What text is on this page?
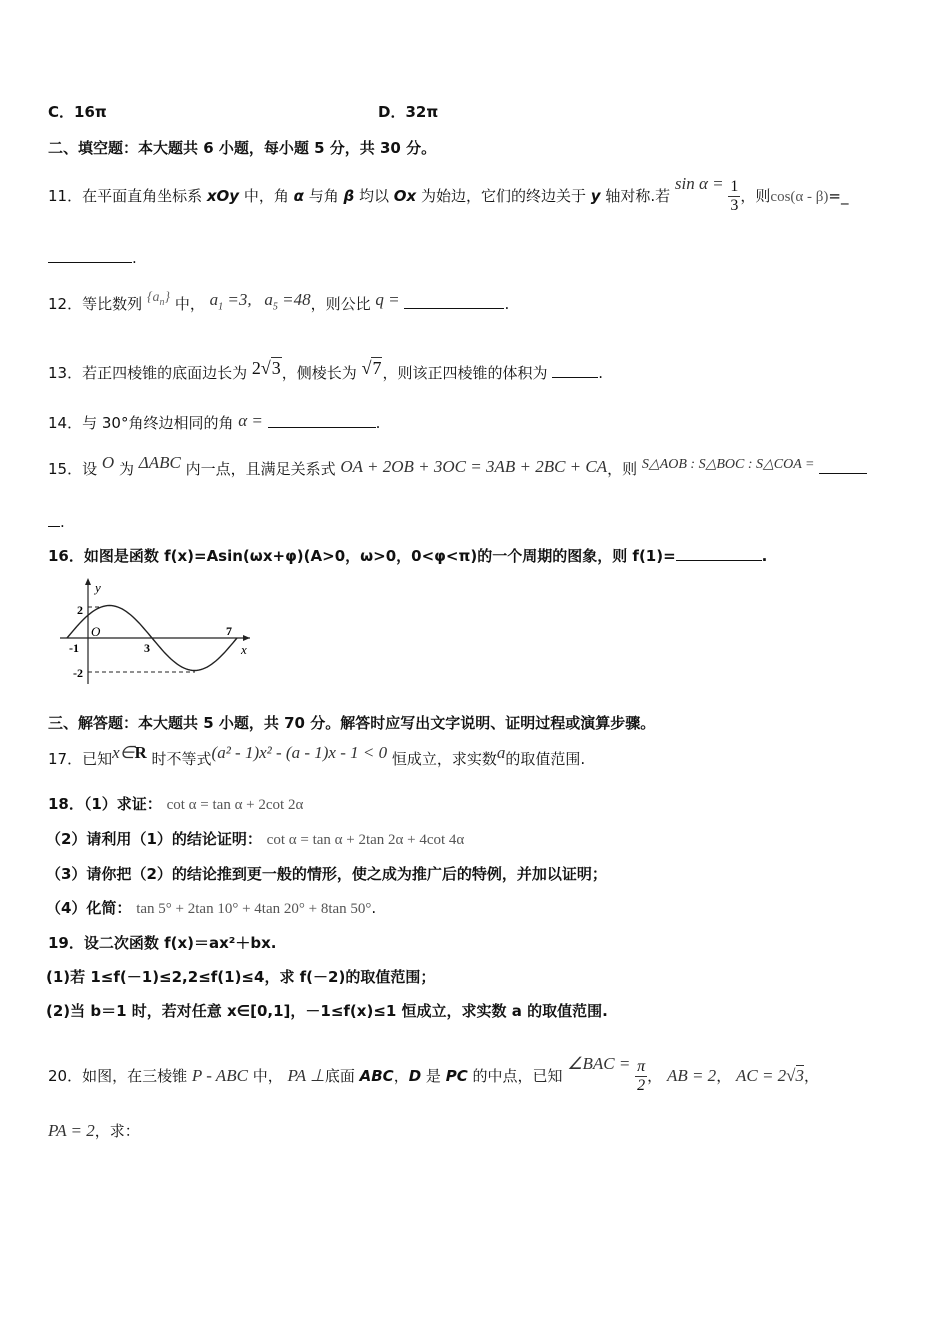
C．16π	D．32π
二、填空题：本大题共 6 小题，每小题 5 分，共 30 分。
11．在平面直角坐标系 xOy 中，角 α 与角 β 均以 Ox 为始边，它们的终边关于 y 轴对称.若 $\sin \alpha = \frac{1}{3}$ ，则cos(α - β)=_
.
12．等比数列 $\{a_n\}$ 中， $a_1 =3$, $a_5 =48$，则公比 q =	.
13．若正四棱锥的底面边长为 2√3，侧棱长为 √7，则该正四棱锥的体积为	.
14．与 30°角终边相同的角 α =	.
15．设 O 为 ΔABC 内一点，且满足关系式 OA + 2OB + 3OC = 3AB + 2BC + CA，则 S△AOB : S△BOC : S△COA =
.
16．如图是函数 f(x)=Asin(ωx+φ)(A>0，ω>0，0<φ<π)的一个周期的图象，则 f(1)=	.
y
x
O
2
-2
-1	3
7
三、解答题：本大题共 5 小题，共 70 分。解答时应写出文字说明、证明过程或演算步骤。
17．已知x∈R 时不等式(a² - 1)x² - (a - 1)x - 1 < 0 恒成立，求实数a的取值范围.
18．（1）求证： cot α = tan α + 2cot 2α
（2）请利用（1）的结论证明： cot α = tan α + 2tan 2α + 4cot 4α
（3）请你把（2）的结论推到更一般的情形，使之成为推广后的特例，并加以证明；
（4）化简： tan 5° + 2tan 10° + 4tan 20° + 8tan 50°.
19．设二次函数 f(x)＝ax²＋bx.
(1)若 1≤f(－1)≤2,2≤f(1)≤4，求 f(－2)的取值范围；
(2)当 b＝1 时，若对任意 x∈[0,1]，－1≤f(x)≤1 恒成立，求实数 a 的取值范围.
20．如图，在三棱锥 P - ABC 中， PA ⊥底面 ABC，D 是 PC 的中点，已知 ∠BAC = $\frac{\pi}{2}$ ， AB = 2， AC = 2√3，
PA = 2，求：
